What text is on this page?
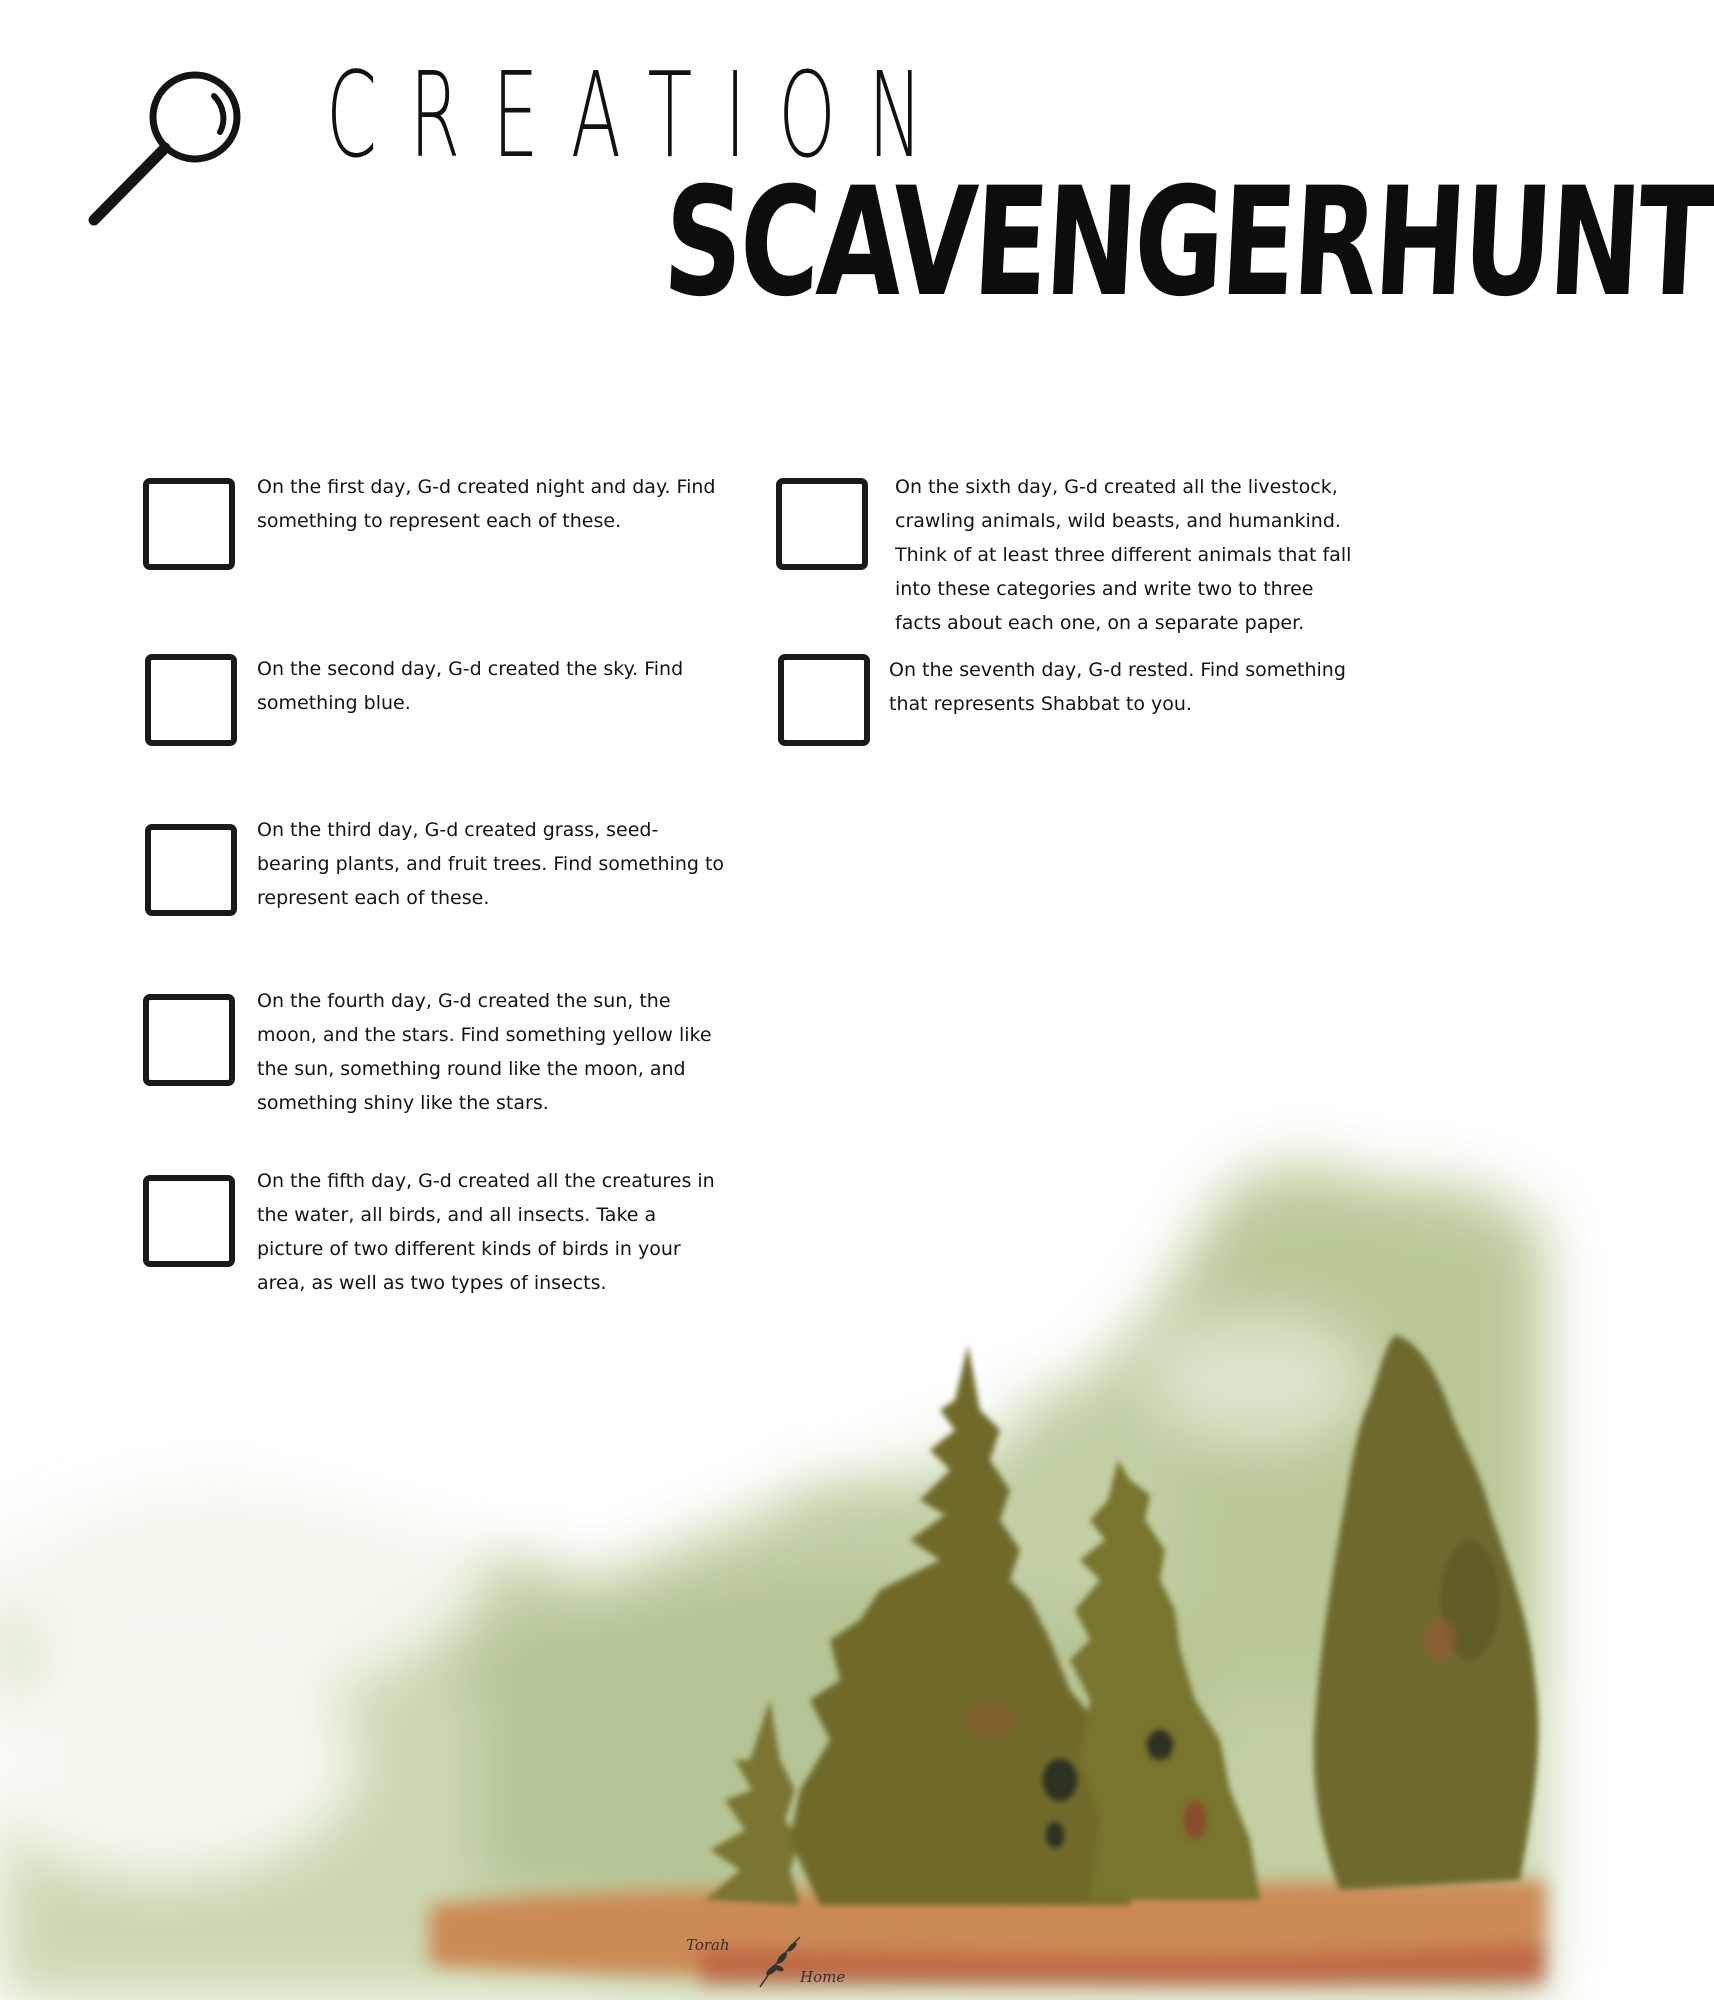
CREATION
SCAVENGERHUNT

On the first day, G-d created night and day. Find something to represent each of these.

On the second day, G-d created the sky. Find something blue.

On the third day, G-d created grass, seed-bearing plants, and fruit trees. Find something to represent each of these.

On the fourth day, G-d created the sun, the moon, and the stars. Find something yellow like the sun, something round like the moon, and something shiny like the stars.

On the fifth day, G-d created all the creatures in the water, all birds, and all insects. Take a picture of two different kinds of birds in your area, as well as two types of insects.

On the sixth day, G-d created all the livestock, crawling animals, wild beasts, and humankind. Think of at least three different animals that fall into these categories and write two to three facts about each one, on a separate paper.

On the seventh day, G-d rested. Find something that represents Shabbat to you.

Torah
Home
